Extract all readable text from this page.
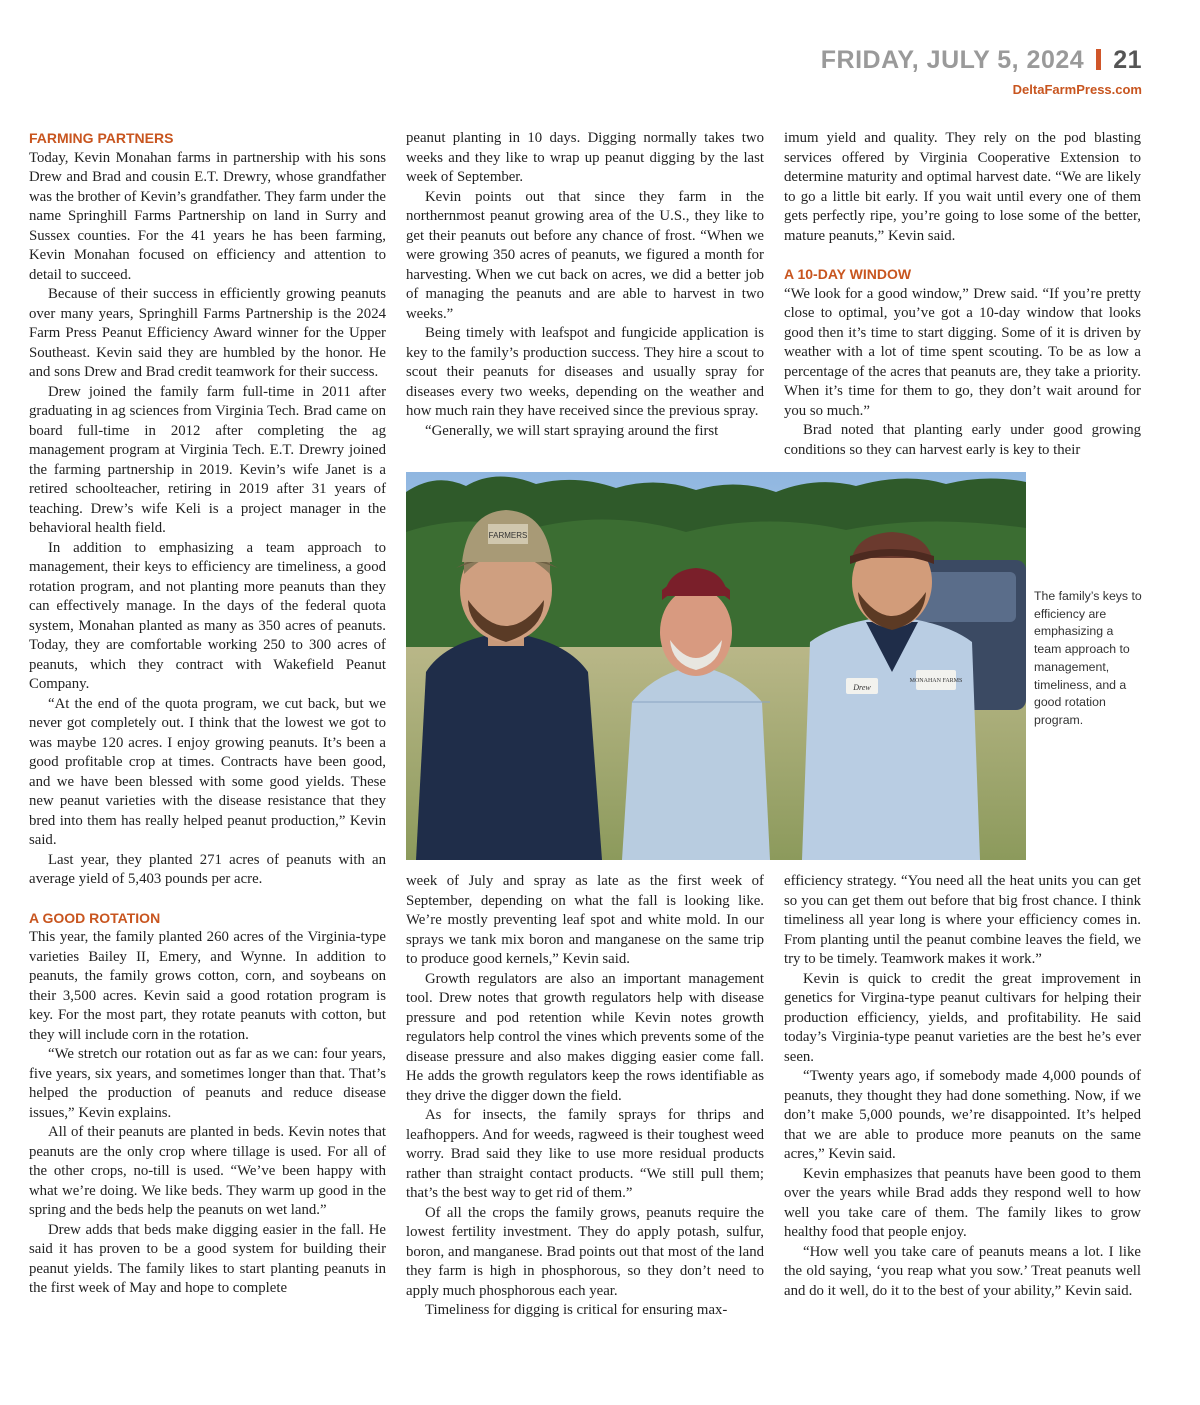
FRIDAY, JULY 5, 2024 21
DeltaFarmPress.com
FARMING PARTNERS

Today, Kevin Monahan farms in partnership with his sons Drew and Brad and cousin E.T. Drewry, whose grandfather was the brother of Kevin’s grandfather. They farm under the name Springhill Farms Partnership on land in Surry and Sussex counties. For the 41 years he has been farming, Kevin Monahan focused on efficiency and attention to detail to succeed.

Because of their success in efficiently growing peanuts over many years, Springhill Farms Partnership is the 2024 Farm Press Peanut Efficiency Award winner for the Upper Southeast. Kevin said they are humbled by the honor. He and sons Drew and Brad credit teamwork for their success.

Drew joined the family farm full-time in 2011 after graduating in ag sciences from Virginia Tech. Brad came on board full-time in 2012 after completing the ag management program at Virginia Tech. E.T. Drewry joined the farming partnership in 2019. Kevin’s wife Janet is a retired schoolteacher, retiring in 2019 after 31 years of teaching. Drew’s wife Keli is a project manager in the behavioral health field.

In addition to emphasizing a team approach to management, their keys to efficiency are timeliness, a good rotation program, and not planting more peanuts than they can effectively manage. In the days of the federal quota system, Monahan planted as many as 350 acres of peanuts. Today, they are comfortable working 250 to 300 acres of peanuts, which they contract with Wakefield Peanut Company.

“At the end of the quota program, we cut back, but we never got completely out. I think that the lowest we got to was maybe 120 acres. I enjoy growing peanuts. It’s been a good profitable crop at times. Contracts have been good, and we have been blessed with some good yields. These new peanut varieties with the disease resistance that they bred into them has really helped peanut production,” Kevin said.

Last year, they planted 271 acres of peanuts with an average yield of 5,403 pounds per acre.

A GOOD ROTATION

This year, the family planted 260 acres of the Virginia-type varieties Bailey II, Emery, and Wynne. In addition to peanuts, the family grows cotton, corn, and soybeans on their 3,500 acres. Kevin said a good rotation program is key. For the most part, they rotate peanuts with cotton, but they will include corn in the rotation.

“We stretch our rotation out as far as we can: four years, five years, six years, and sometimes longer than that. That’s helped the production of peanuts and reduce disease issues,” Kevin explains.

All of their peanuts are planted in beds. Kevin notes that peanuts are the only crop where tillage is used. For all of the other crops, no-till is used. “We’ve been happy with what we’re doing. We like beds. They warm up good in the spring and the beds help the peanuts on wet land.”

Drew adds that beds make digging easier in the fall. He said it has proven to be a good system for building their peanut yields. The family likes to start planting peanuts in the first week of May and hope to complete

peanut planting in 10 days. Digging normally takes two weeks and they like to wrap up peanut digging by the last week of September.

Kevin points out that since they farm in the northernmost peanut growing area of the U.S., they like to get their peanuts out before any chance of frost. “When we were growing 350 acres of peanuts, we figured a month for harvesting. When we cut back on acres, we did a better job of managing the peanuts and are able to harvest in two weeks.”

Being timely with leafspot and fungicide application is key to the family’s production success. They hire a scout to scout their peanuts for diseases and usually spray for diseases every two weeks, depending on the weather and how much rain they have received since the previous spray.

“Generally, we will start spraying around the first

imum yield and quality. They rely on the pod blasting services offered by Virginia Cooperative Extension to determine maturity and optimal harvest date. “We are likely to go a little bit early. If you wait until every one of them gets perfectly ripe, you’re going to lose some of the better, mature peanuts,” Kevin said.

A 10-DAY WINDOW

“We look for a good window,” Drew said. “If you’re pretty close to optimal, you’ve got a 10-day window that looks good then it’s time to start digging. Some of it is driven by weather with a lot of time spent scouting. To be as low a percentage of the acres that peanuts are, they take a priority. When it’s time for them to go, they don’t wait around for you so much.”

Brad noted that planting early under good growing conditions so they can harvest early is key to their

FARMERS
MONAHAN FARMS
Drew
The family’s keys to efficiency are emphasizing a team approach to management, timeliness, and a good rotation program.

week of July and spray as late as the first week of September, depending on what the fall is looking like. We’re mostly preventing leaf spot and white mold. In our sprays we tank mix boron and manganese on the same trip to produce good kernels,” Kevin said.

Growth regulators are also an important management tool. Drew notes that growth regulators help with disease pressure and pod retention while Kevin notes growth regulators help control the vines which prevents some of the disease pressure and also makes digging easier come fall. He adds the growth regulators keep the rows identifiable as they drive the digger down the field.

As for insects, the family sprays for thrips and leafhoppers. And for weeds, ragweed is their toughest weed worry. Brad said they like to use more residual products rather than straight contact products. “We still pull them; that’s the best way to get rid of them.”

Of all the crops the family grows, peanuts require the lowest fertility investment. They do apply potash, sulfur, boron, and manganese. Brad points out that most of the land they farm is high in phosphorous, so they don’t need to apply much phosphorous each year.

Timeliness for digging is critical for ensuring max-

efficiency strategy. “You need all the heat units you can get so you can get them out before that big frost chance. I think timeliness all year long is where your efficiency comes in. From planting until the peanut combine leaves the field, we try to be timely. Teamwork makes it work.”

Kevin is quick to credit the great improvement in genetics for Virgina-type peanut cultivars for helping their production efficiency, yields, and profitability. He said today’s Virginia-type peanut varieties are the best he’s ever seen.

“Twenty years ago, if somebody made 4,000 pounds of peanuts, they thought they had done something. Now, if we don’t make 5,000 pounds, we’re disappointed. It’s helped that we are able to produce more peanuts on the same acres,” Kevin said.

Kevin emphasizes that peanuts have been good to them over the years while Brad adds they respond well to how well you take care of them. The family likes to grow healthy food that people enjoy.

“How well you take care of peanuts means a lot. I like the old saying, ‘you reap what you sow.’ Treat peanuts well and do it well, do it to the best of your ability,” Kevin said.
